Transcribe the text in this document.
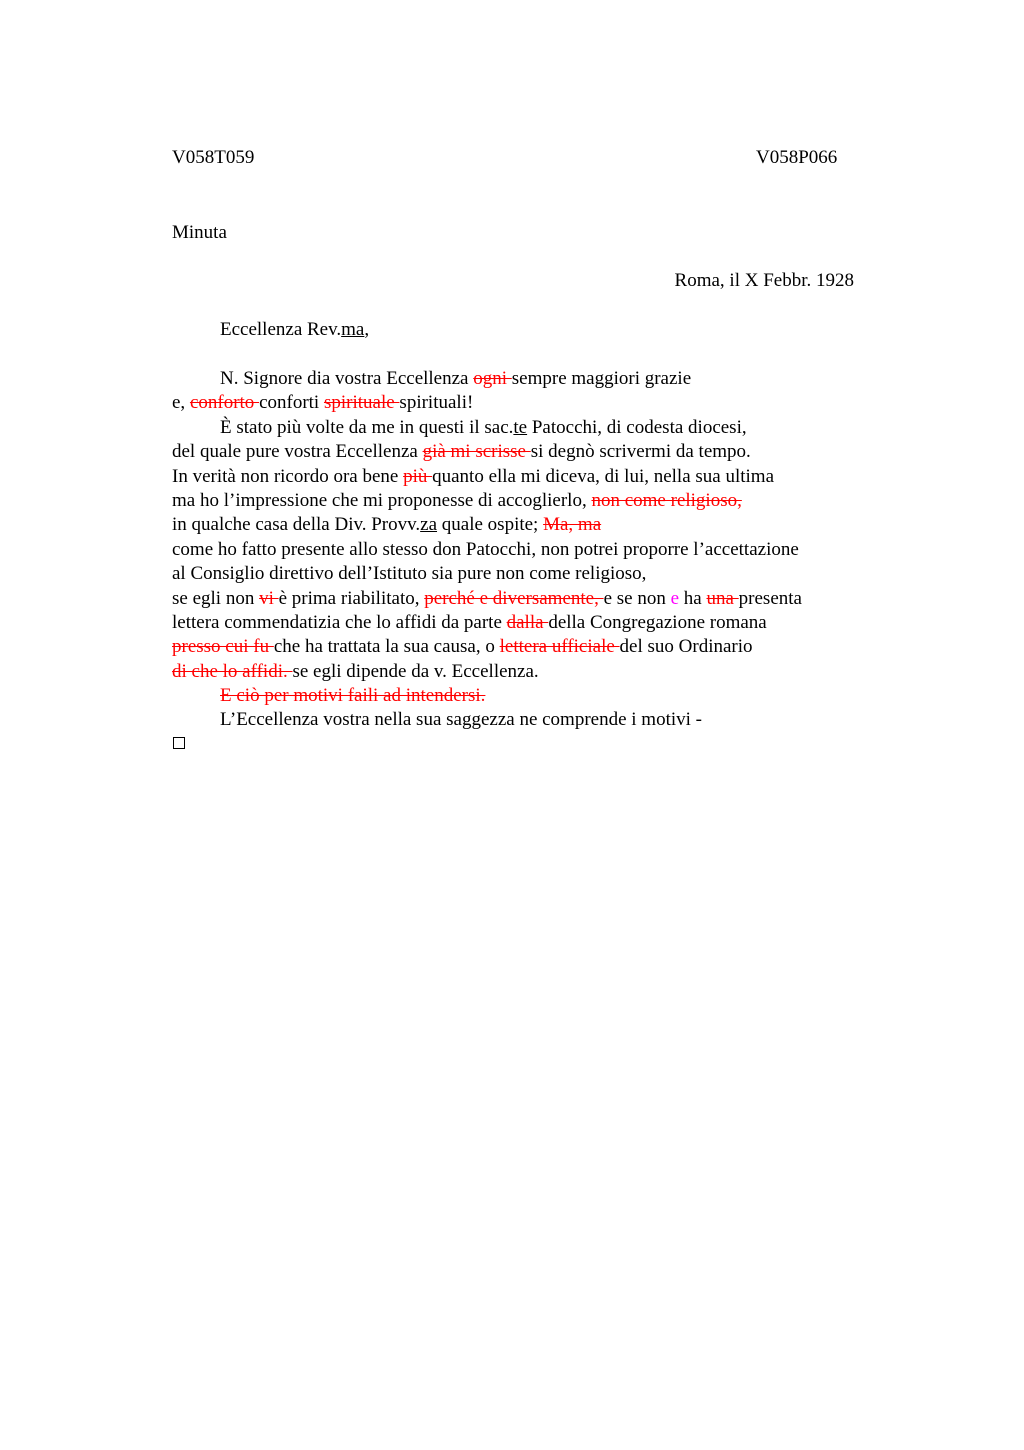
V058T059	V058P066
Minuta
Roma, il X Febbr. 1928
Eccellenza Rev.ma,
N. Signore dia vostra Eccellenza ogni sempre maggiori grazie
e, conforto conforti spirituale spirituali!
È stato più volte da me in questi il sac.te Patocchi, di codesta diocesi,
del quale pure vostra Eccellenza già mi scrisse si degnò scrivermi da tempo.
In verità non ricordo ora bene più quanto ella mi diceva, di lui, nella sua ultima
ma ho l’impressione che mi proponesse di accoglierlo, non come religioso,
in qualche casa della Div. Provv.za quale ospite; Ma, ma
come ho fatto presente allo stesso don Patocchi, non potrei proporre l’accettazione
al Consiglio direttivo dell’Istituto sia pure non come religioso,
se egli non vi è prima riabilitato, perché e diversamente, e se non e ha una presenta
lettera commendatizia che lo affidi da parte dalla della Congregazione romana
presso cui fu che ha trattata la sua causa, o lettera ufficiale del suo Ordinario
di che lo affidi. se egli dipende da v. Eccellenza.
E ciò per motivi faili ad intendersi.
L’Eccellenza vostra nella sua saggezza ne comprende i motivi -
